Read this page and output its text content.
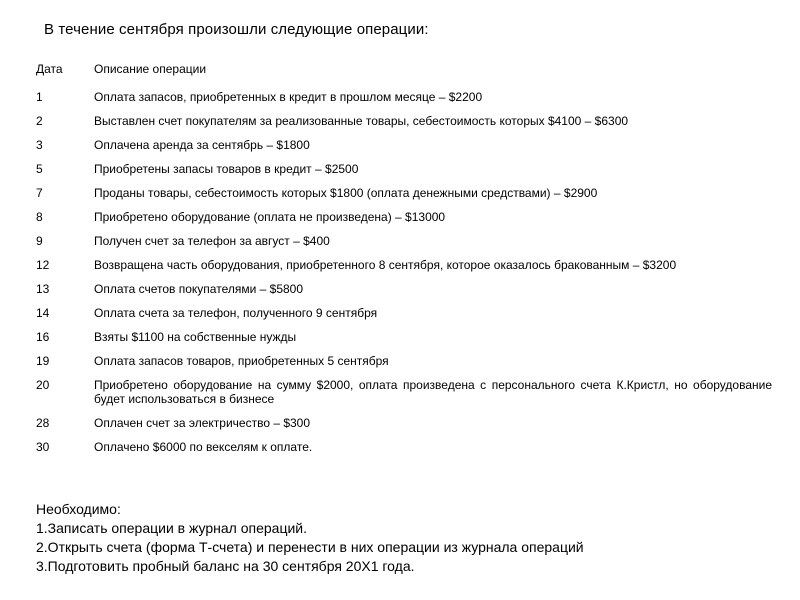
В течение сентября произошли следующие операции:
Дата	Описание операции
1	Оплата запасов, приобретенных в кредит в прошлом месяце – $2200
2	Выставлен счет покупателям за реализованные товары, себестоимость которых $4100 – $6300
3	Оплачена аренда за сентябрь – $1800
5	Приобретены запасы товаров в кредит – $2500
7	Проданы товары, себестоимость которых $1800 (оплата денежными средствами) – $2900
8	Приобретено оборудование (оплата не произведена) – $13000
9	Получен счет за телефон за август – $400
12	Возвращена часть оборудования, приобретенного 8 сентября, которое оказалось бракованным – $3200
13	Оплата счетов покупателями – $5800
14	Оплата счета за телефон, полученного 9 сентября
16	Взяты $1100 на собственные нужды
19	Оплата запасов товаров, приобретенных 5 сентября
20	Приобретено оборудование на сумму $2000, оплата произведена с персонального счета К.Кристл, но оборудование будет использоваться в бизнесе
28	Оплачен счет за электричество – $300
30	Оплачено $6000 по векселям к оплате.
Необходимо:
1.Записать операции в журнал операций.
2.Открыть счета (форма Т-счета) и перенести в них операции из журнала операций
3.Подготовить пробный баланс на 30 сентября 20X1 года.
